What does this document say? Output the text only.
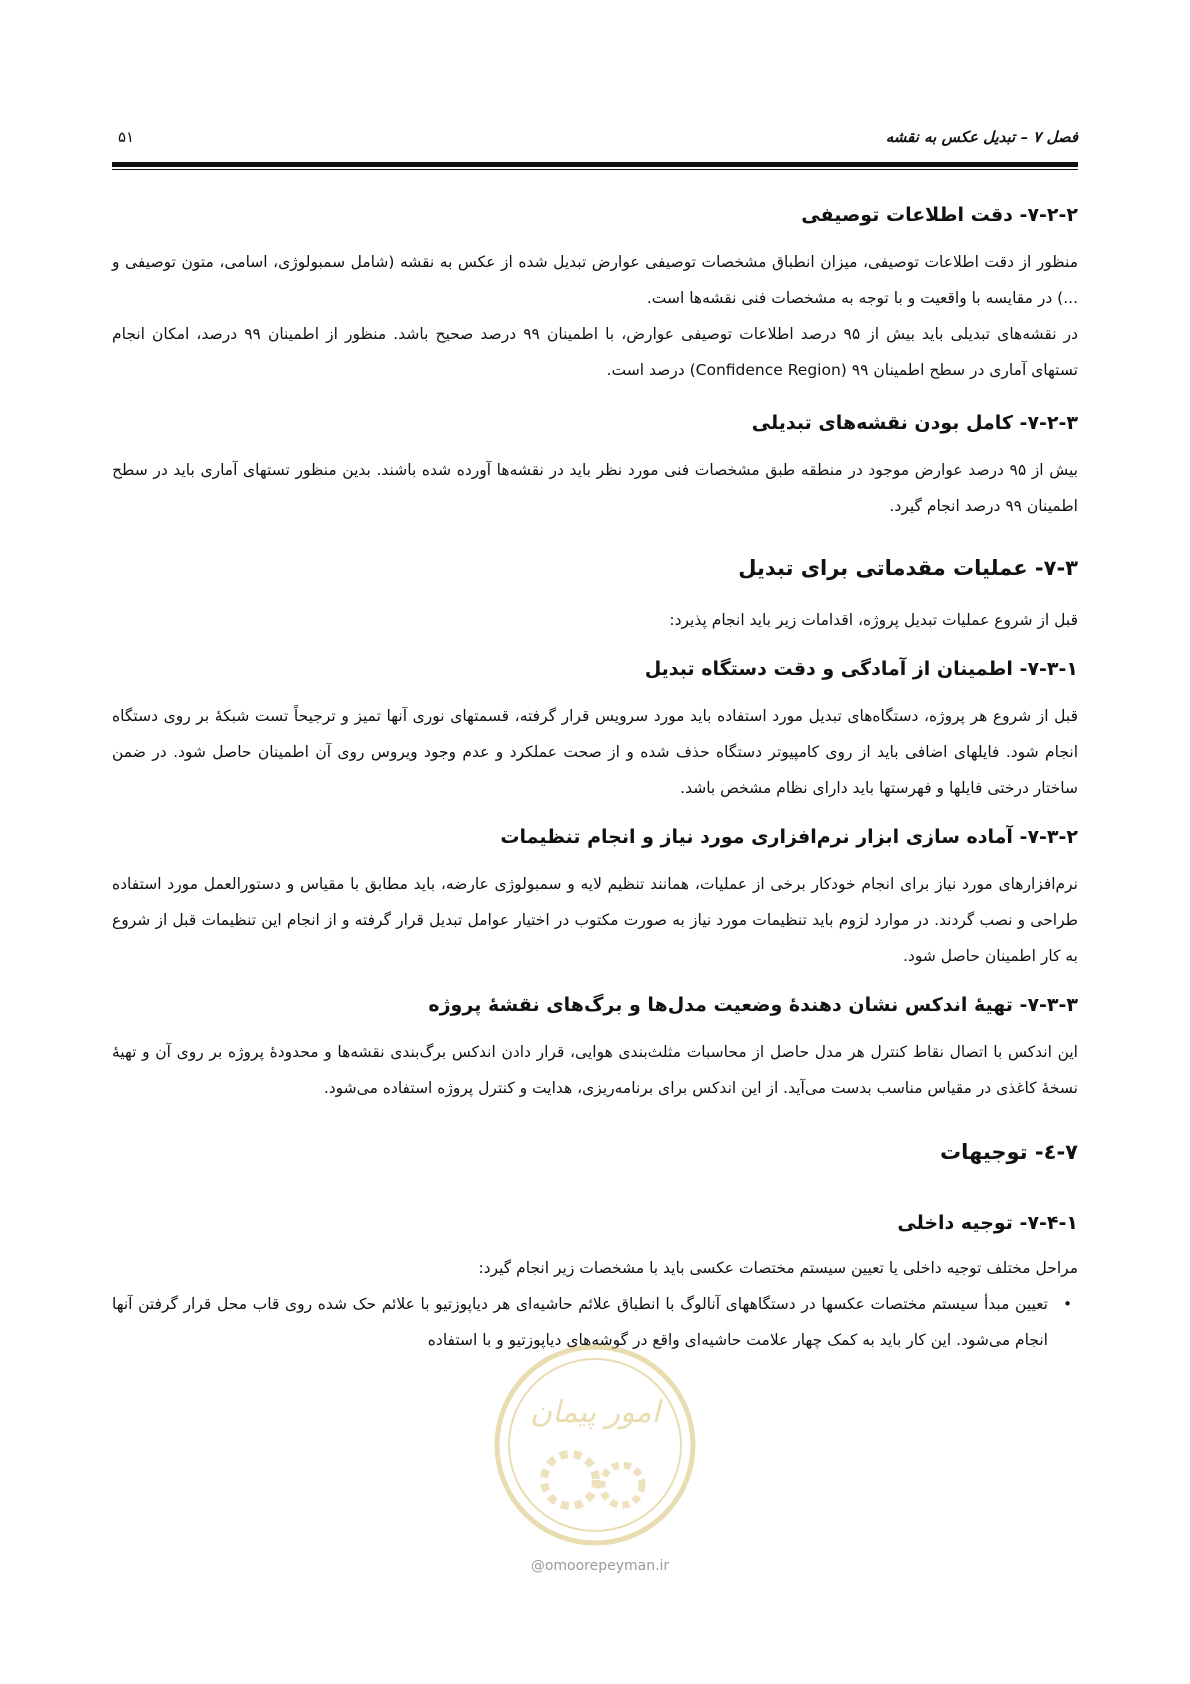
فصل ۷ – تبدیل عکس به نقشه
۵۱
۷-۲-۲- دقت اطلاعات توصیفی

منظور از دقت اطلاعات توصیفی، میزان انطباق مشخصات توصیفی عوارض تبدیل شده از عکس به نقشه (شامل سمبولوژی، اسامی، متون توصیفی و ...) در مقایسه با واقعیت و با توجه به مشخصات فنی نقشه‌ها است.

در نقشه‌های تبدیلی باید بیش از ۹۵ درصد اطلاعات توصیفی عوارض، با اطمینان ۹۹ درصد صحیح باشد. منظور از اطمینان ۹۹ درصد، امکان انجام تستهای آماری در سطح اطمینان (Confidence Region) ۹۹ درصد است.

۷-۲-۳- کامل بودن نقشه‌های تبدیلی

بیش از ۹۵ درصد عوارض موجود در منطقه طبق مشخصات فنی مورد نظر باید در نقشه‌ها آورده شده باشند. بدین منظور تستهای آماری باید در سطح اطمینان ۹۹ درصد انجام گیرد.

۷-۳- عملیات مقدماتی برای تبدیل

قبل از شروع عملیات تبدیل پروژه، اقدامات زیر باید انجام پذیرد:

۷-۳-۱- اطمینان از آمادگی و دقت دستگاه تبدیل

قبل از شروع هر پروژه، دستگاه‌های تبدیل مورد استفاده باید مورد سرویس قرار گرفته، قسمتهای نوری آنها تمیز و ترجیحاً تست شبکهٔ بر روی دستگاه انجام شود. فایلهای اضافی باید از روی کامپیوتر دستگاه حذف شده و از صحت عملکرد و عدم وجود ویروس روی آن اطمینان حاصل شود. در ضمن ساختار درختی فایلها و فهرستها باید دارای نظام مشخص باشد.

۷-۳-۲- آماده سازی ابزار نرم‌افزاری مورد نیاز و انجام تنظیمات

نرم‌افزارهای مورد نیاز برای انجام خودکار برخی از عملیات، همانند تنظیم لایه و سمبولوژی عارضه، باید مطابق با مقیاس و دستورالعمل مورد استفاده طراحی و نصب گردند. در موارد لزوم باید تنظیمات مورد نیاز به صورت مکتوب در اختیار عوامل تبدیل قرار گرفته و از انجام این تنظیمات قبل از شروع به کار اطمینان حاصل شود.

۷-۳-۳- تهیهٔ اندکس نشان دهندهٔ وضعیت مدل‌ها و برگ‌های نقشهٔ پروژه

این اندکس با اتصال نقاط کنترل هر مدل حاصل از محاسبات مثلث‌بندی هوایی، قرار دادن اندکس برگ‌بندی نقشه‌ها و محدودهٔ پروژه بر روی آن و تهیهٔ نسخهٔ کاغذی در مقیاس مناسب بدست می‌آید. از این اندکس برای برنامه‌ریزی، هدایت و کنترل پروژه استفاده می‌شود.

۷-٤- توجیهات
۷-۴-۱- توجیه داخلی

مراحل مختلف توجیه داخلی یا تعیین سیستم مختصات عکسی باید با مشخصات زیر انجام گیرد:

•
تعیین مبدأ سیستم مختصات عکسها در دستگاههای آنالوگ با انطباق علائم حاشیه‌ای هر دیاپوزتیو با علائم حک شده روی قاب محل قرار گرفتن آنها انجام می‌شود. این کار باید به کمک چهار علامت حاشیه‌ای واقع در گوشه‌های دیاپوزتیو و با استفاده
امور پیمان
@omoorepeyman.ir
